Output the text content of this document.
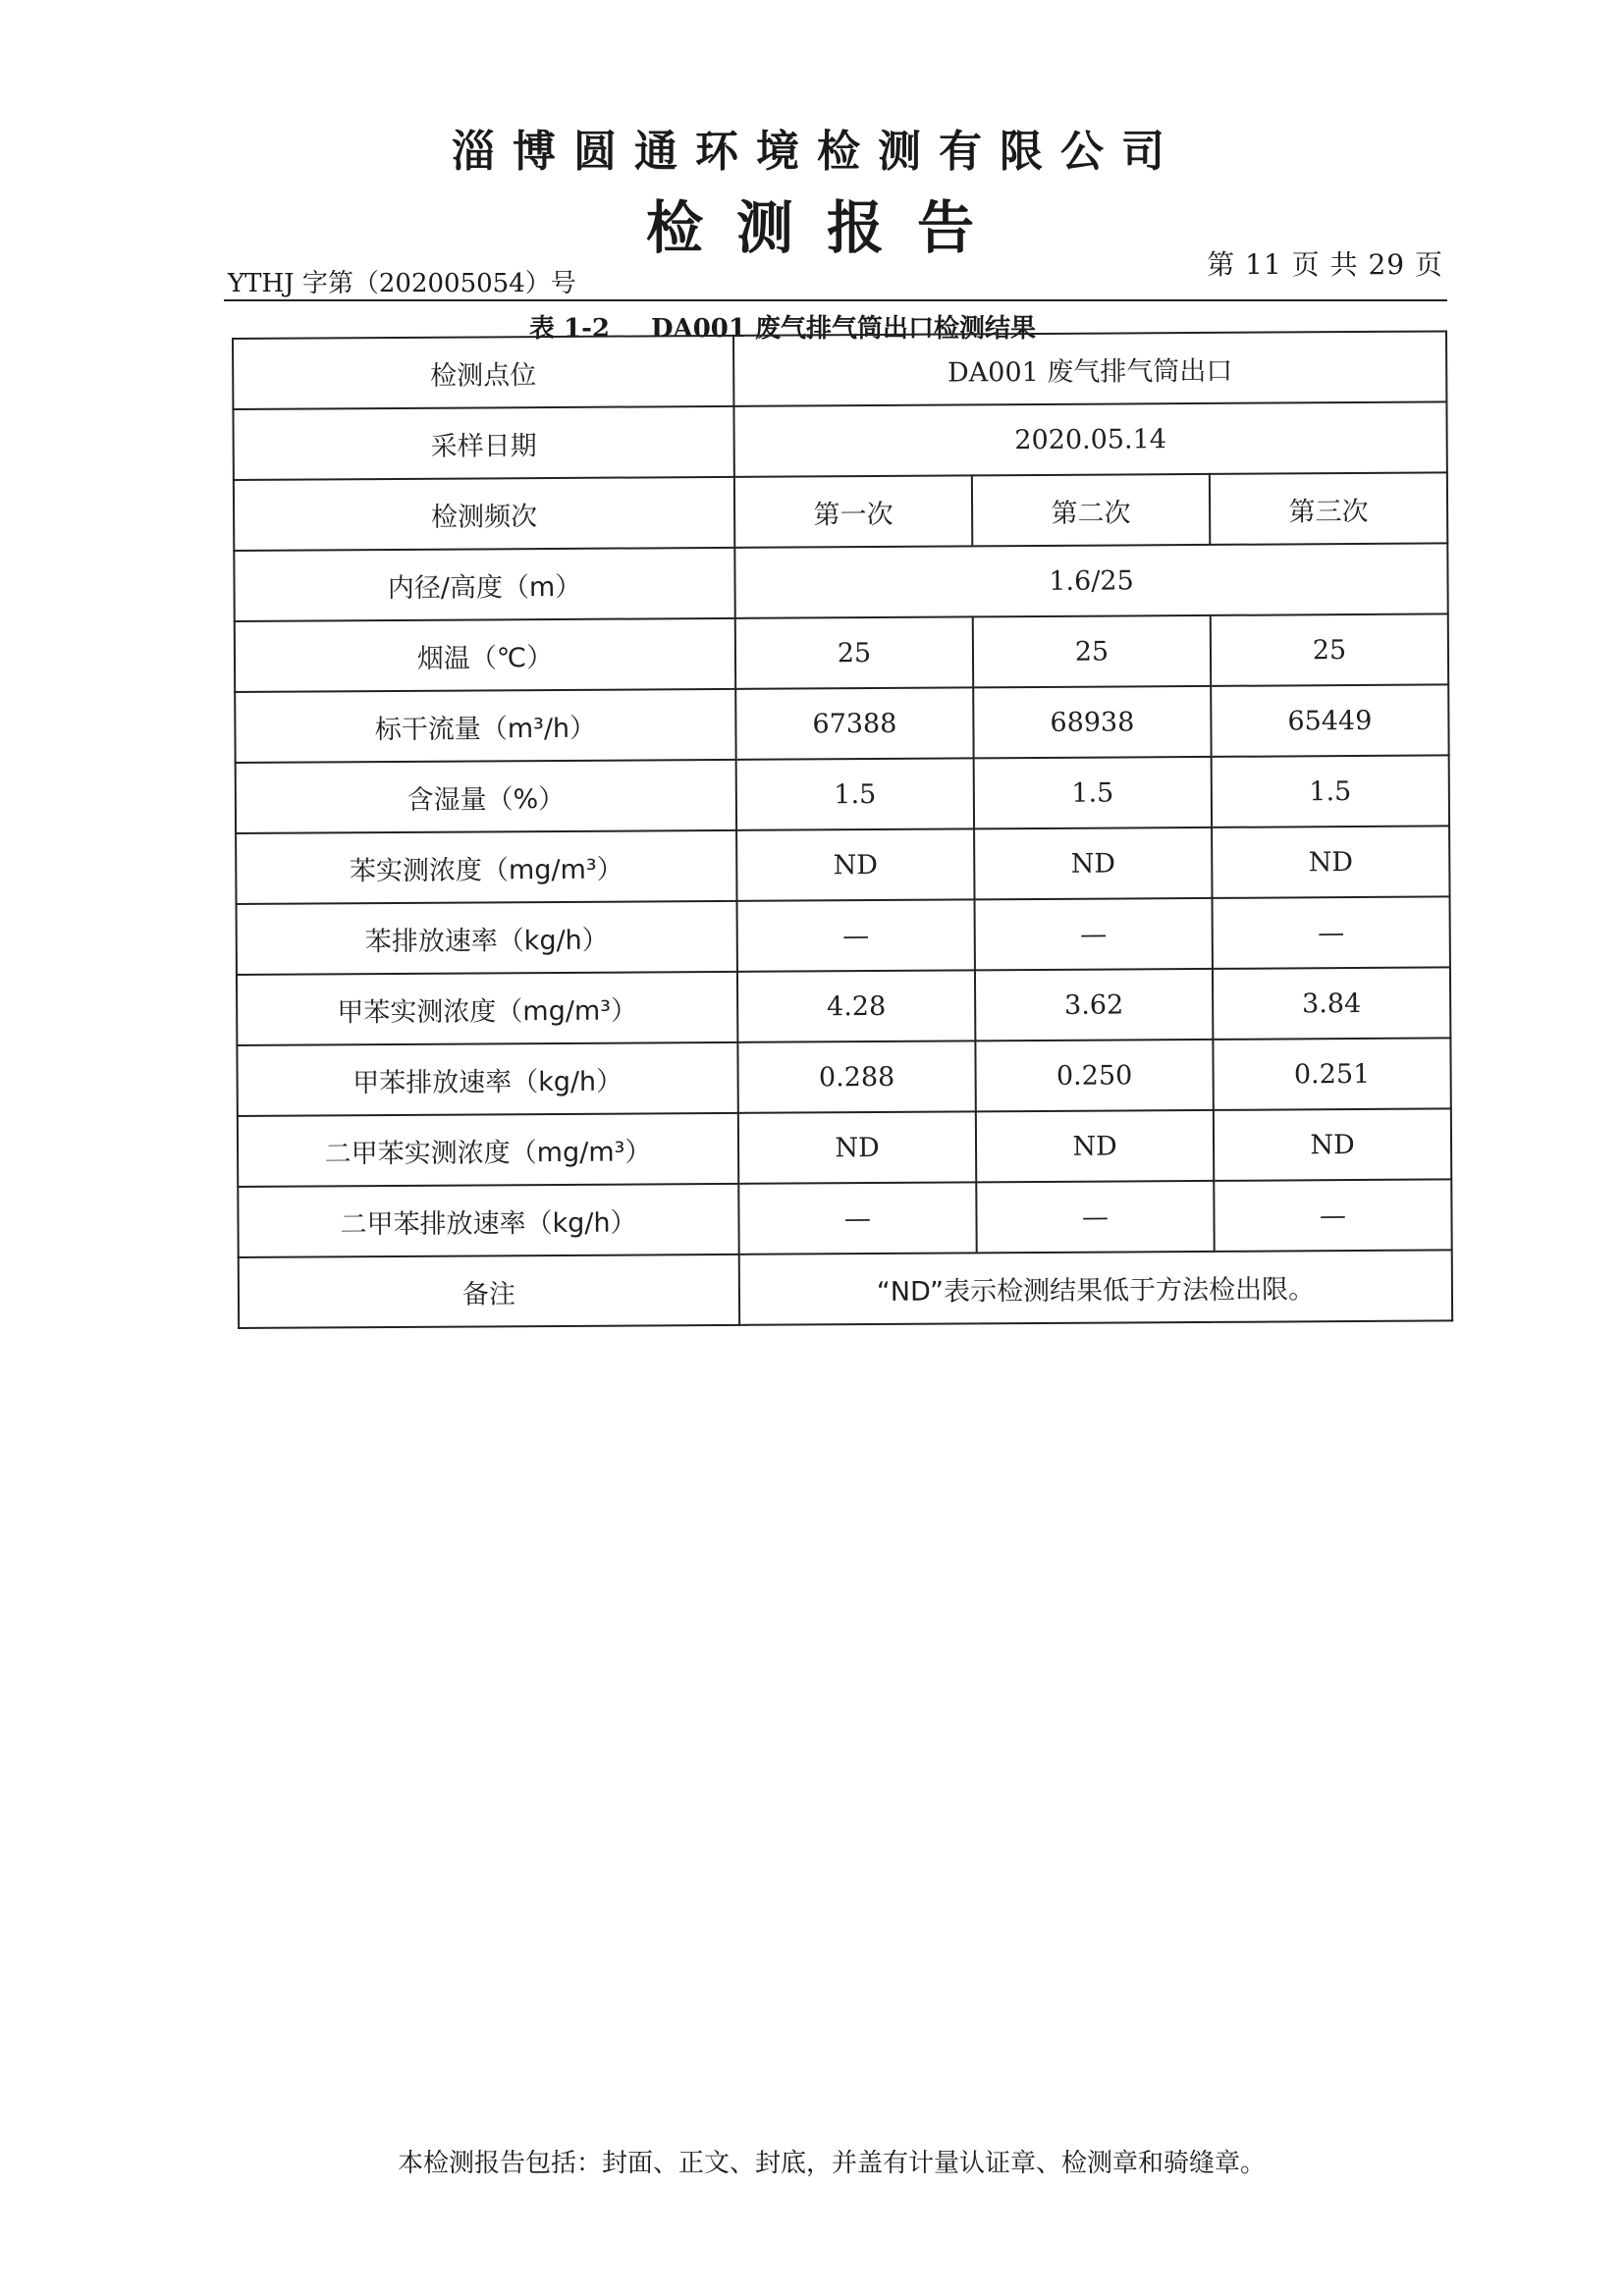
淄博圆通环境检测有限公司
检测报告
YTHJ 字第（202005054）号
第 11 页 共 29 页
表 1-2 DA001 废气排气筒出口检测结果
检测点位	DA001 废气排气筒出口		
采样日期	2020.05.14		
检测频次	第一次	第二次	第三次
内径/高度（m）	1.6/25		
烟温（℃）	25	25	25
标干流量（m³/h）	67388	68938	65449
含湿量（%）	1.5	1.5	1.5
苯实测浓度（mg/m³）	ND	ND	ND
苯排放速率（kg/h）	—	—	—
甲苯实测浓度（mg/m³）	4.28	3.62	3.84
甲苯排放速率（kg/h）	0.288	0.250	0.251
二甲苯实测浓度（mg/m³）	ND	ND	ND
二甲苯排放速率（kg/h）	—	—	—
备注	“ND”表示检测结果低于方法检出限。		
本检测报告包括：封面、正文、封底，并盖有计量认证章、检测章和骑缝章。
